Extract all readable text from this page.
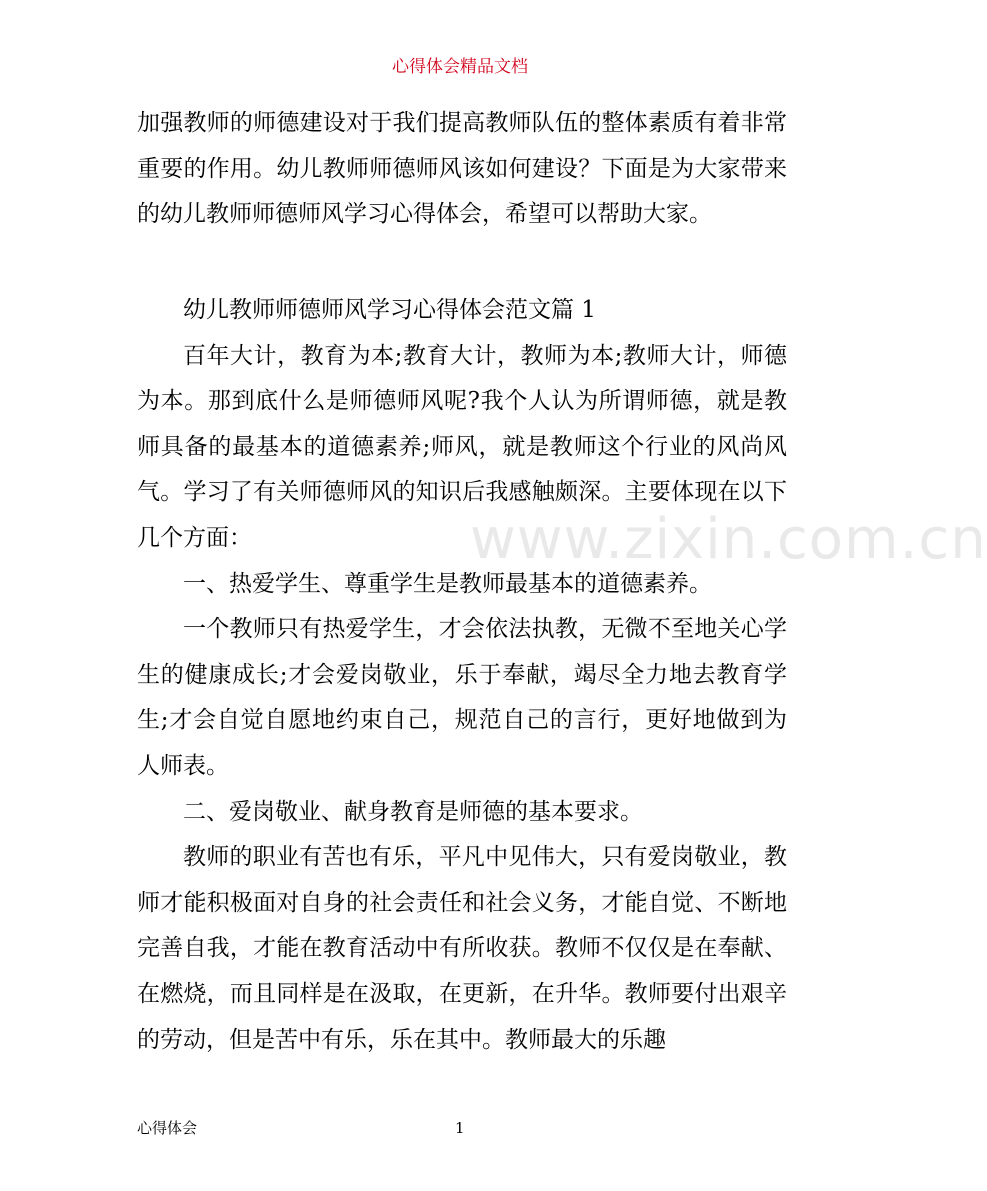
心得体会精品文档
www.zixin.com.cn

加强教师的师德建设对于我们提高教师队伍的整体素质有着非常重要的作用。幼儿教师师德师风该如何建设？下面是为大家带来的幼儿教师师德师风学习心得体会，希望可以帮助大家。

幼儿教师师德师风学习心得体会范文篇 1

百年大计，教育为本;教育大计，教师为本;教师大计，师德为本。那到底什么是师德师风呢?我个人认为所谓师德，就是教师具备的最基本的道德素养;师风，就是教师这个行业的风尚风气。学习了有关师德师风的知识后我感触颇深。主要体现在以下几个方面：

一、热爱学生、尊重学生是教师最基本的道德素养。

一个教师只有热爱学生，才会依法执教，无微不至地关心学生的健康成长;才会爱岗敬业，乐于奉献，竭尽全力地去教育学生;才会自觉自愿地约束自己，规范自己的言行，更好地做到为人师表。

二、爱岗敬业、献身教育是师德的基本要求。

教师的职业有苦也有乐，平凡中见伟大，只有爱岗敬业，教师才能积极面对自身的社会责任和社会义务，才能自觉、不断地完善自我，才能在教育活动中有所收获。教师不仅仅是在奉献、在燃烧，而且同样是在汲取，在更新，在升华。教师要付出艰辛的劳动，但是苦中有乐，乐在其中。教师最大的乐趣

心得体会	1
